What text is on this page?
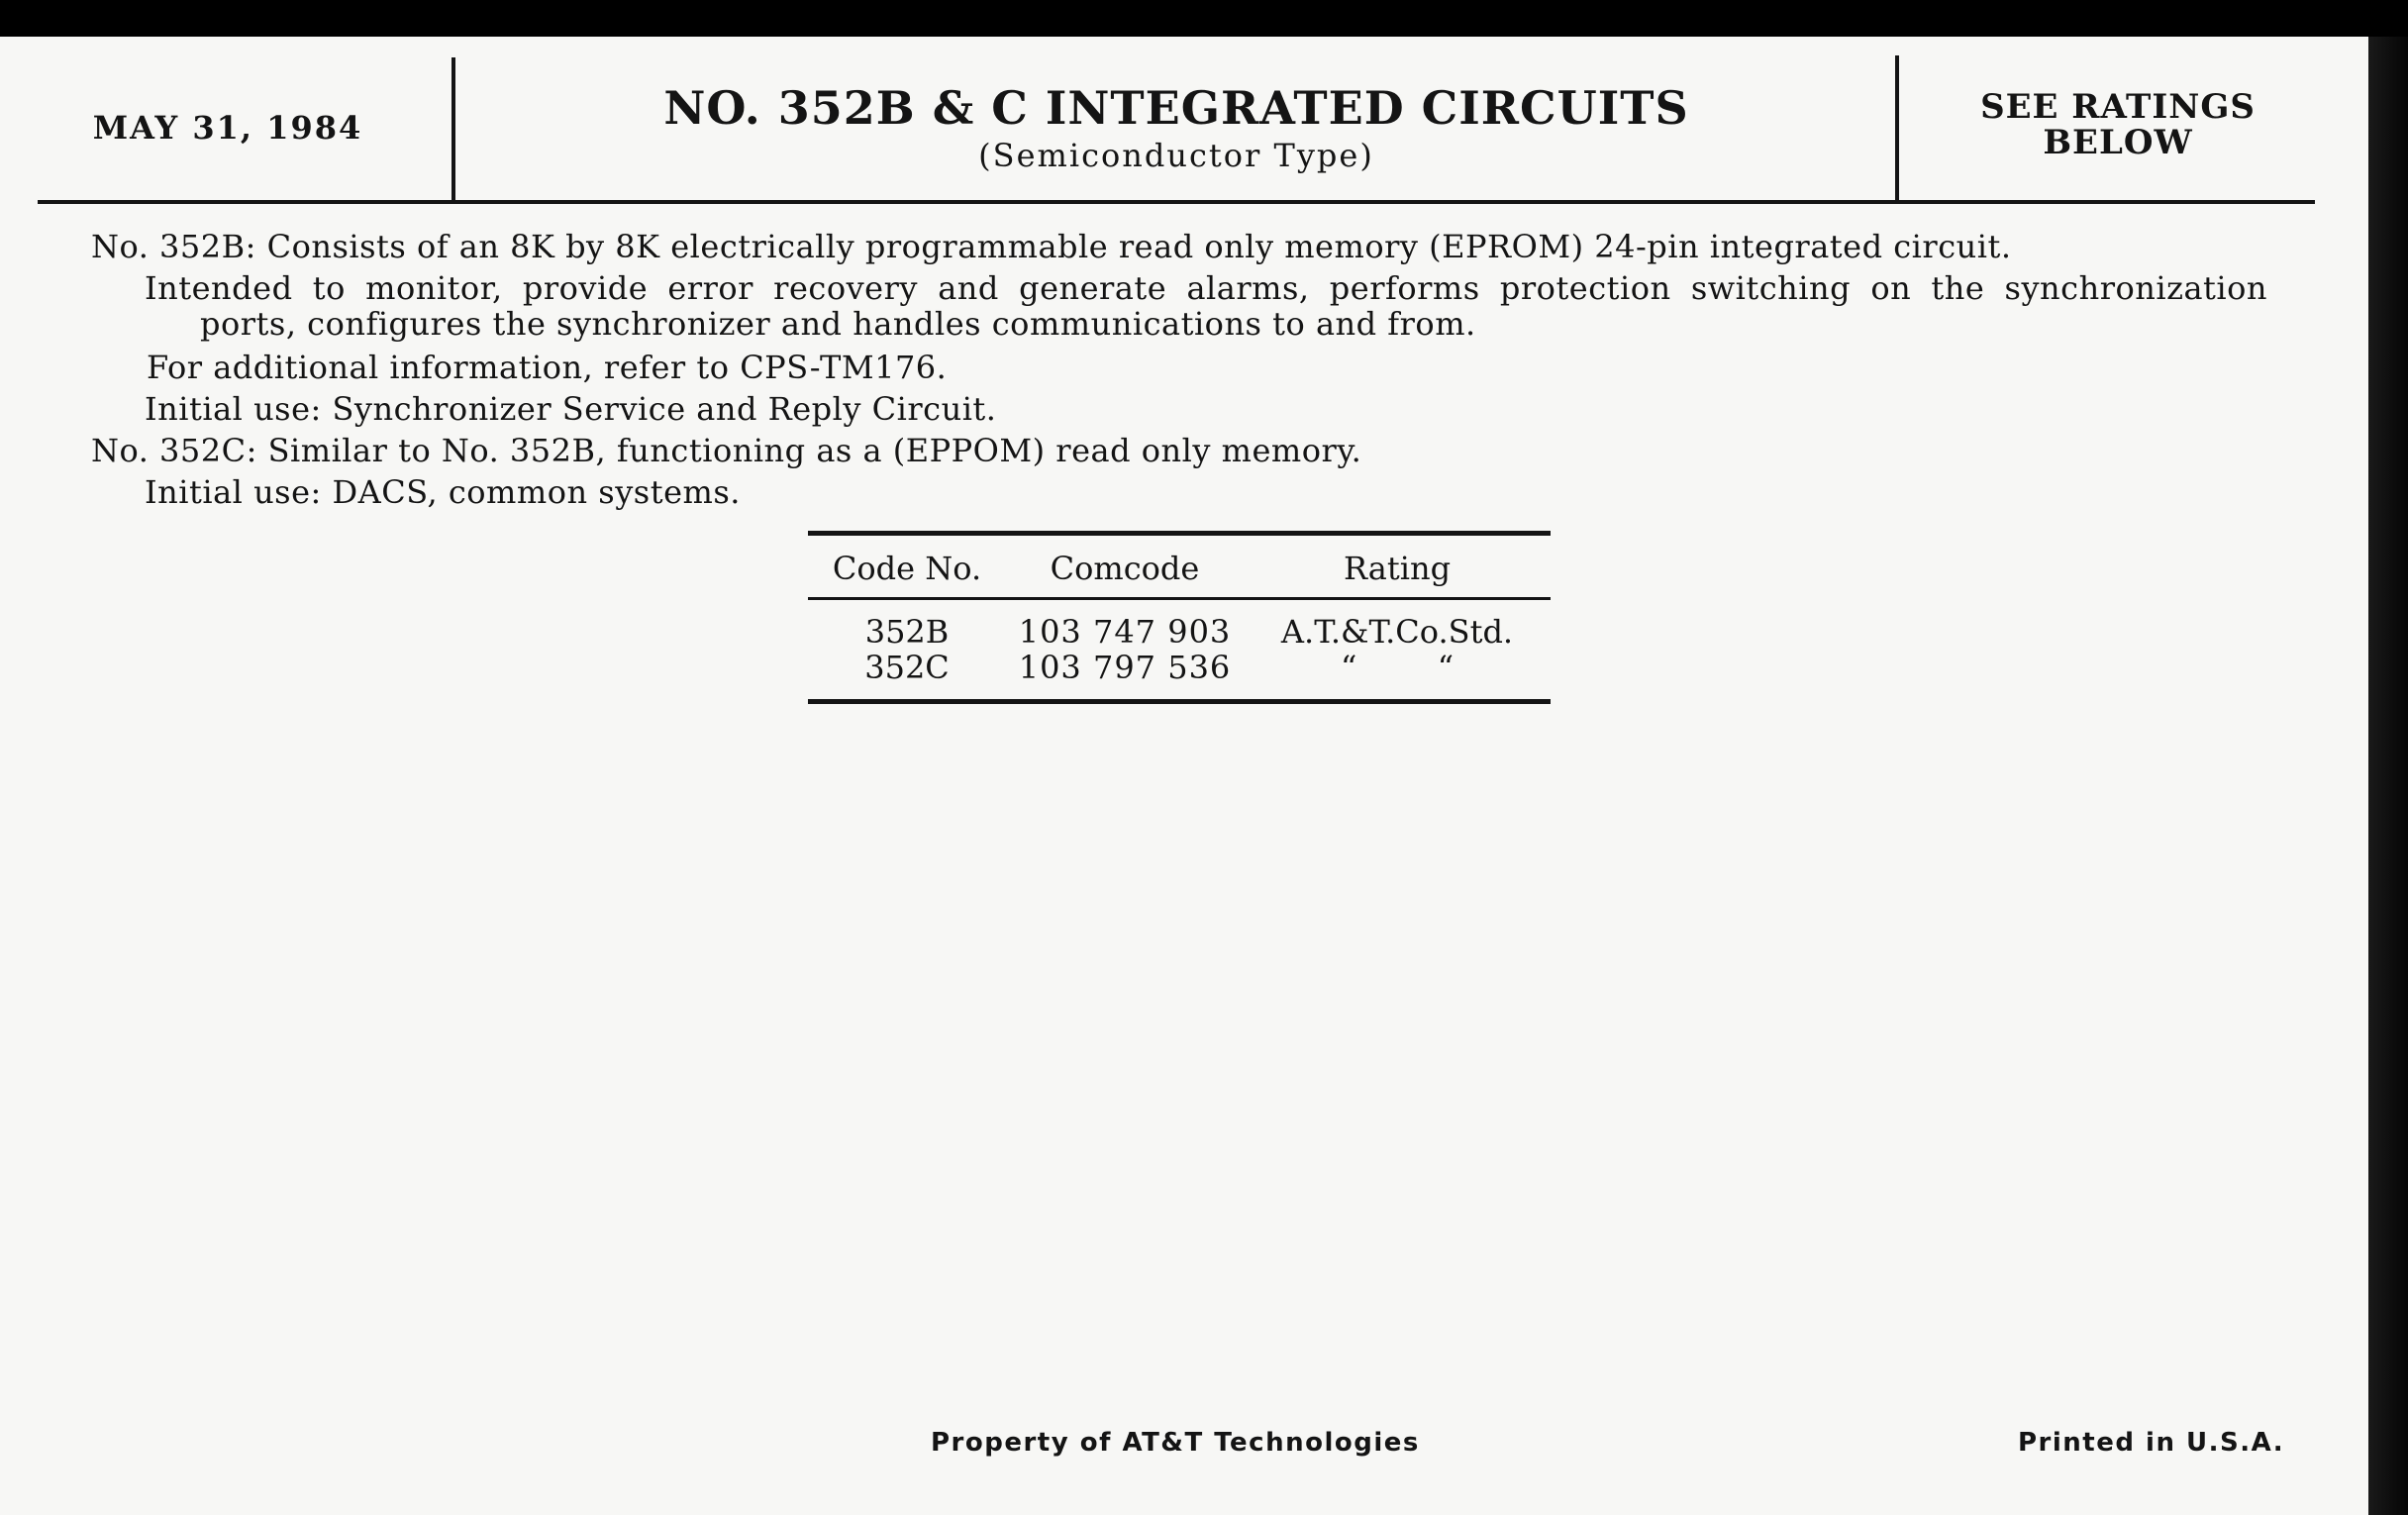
MAY 31, 1984	NO. 352B & C INTEGRATED CIRCUITS
(Semiconductor Type)
SEE RATINGS
BELOW
No. 352B: Consists of an 8K by 8K electrically programmable read only memory (EPROM) 24-pin integrated circuit.
Intended to monitor, provide error recovery and generate alarms, performs protection switching on the synchronization
ports, configures the synchronizer and handles communications to and from.
For additional information, refer to CPS-TM176.
Initial use: Synchronizer Service and Reply Circuit.
No. 352C: Similar to No. 352B, functioning as a (EPPOM) read only memory.
Initial use: DACS, common systems.
Code No.	Comcode	Rating
352B	103 747 903	A.T.&T.Co.Std.
352C	103 797 536	“        “
Property of AT&T Technologies	Printed in U.S.A.
